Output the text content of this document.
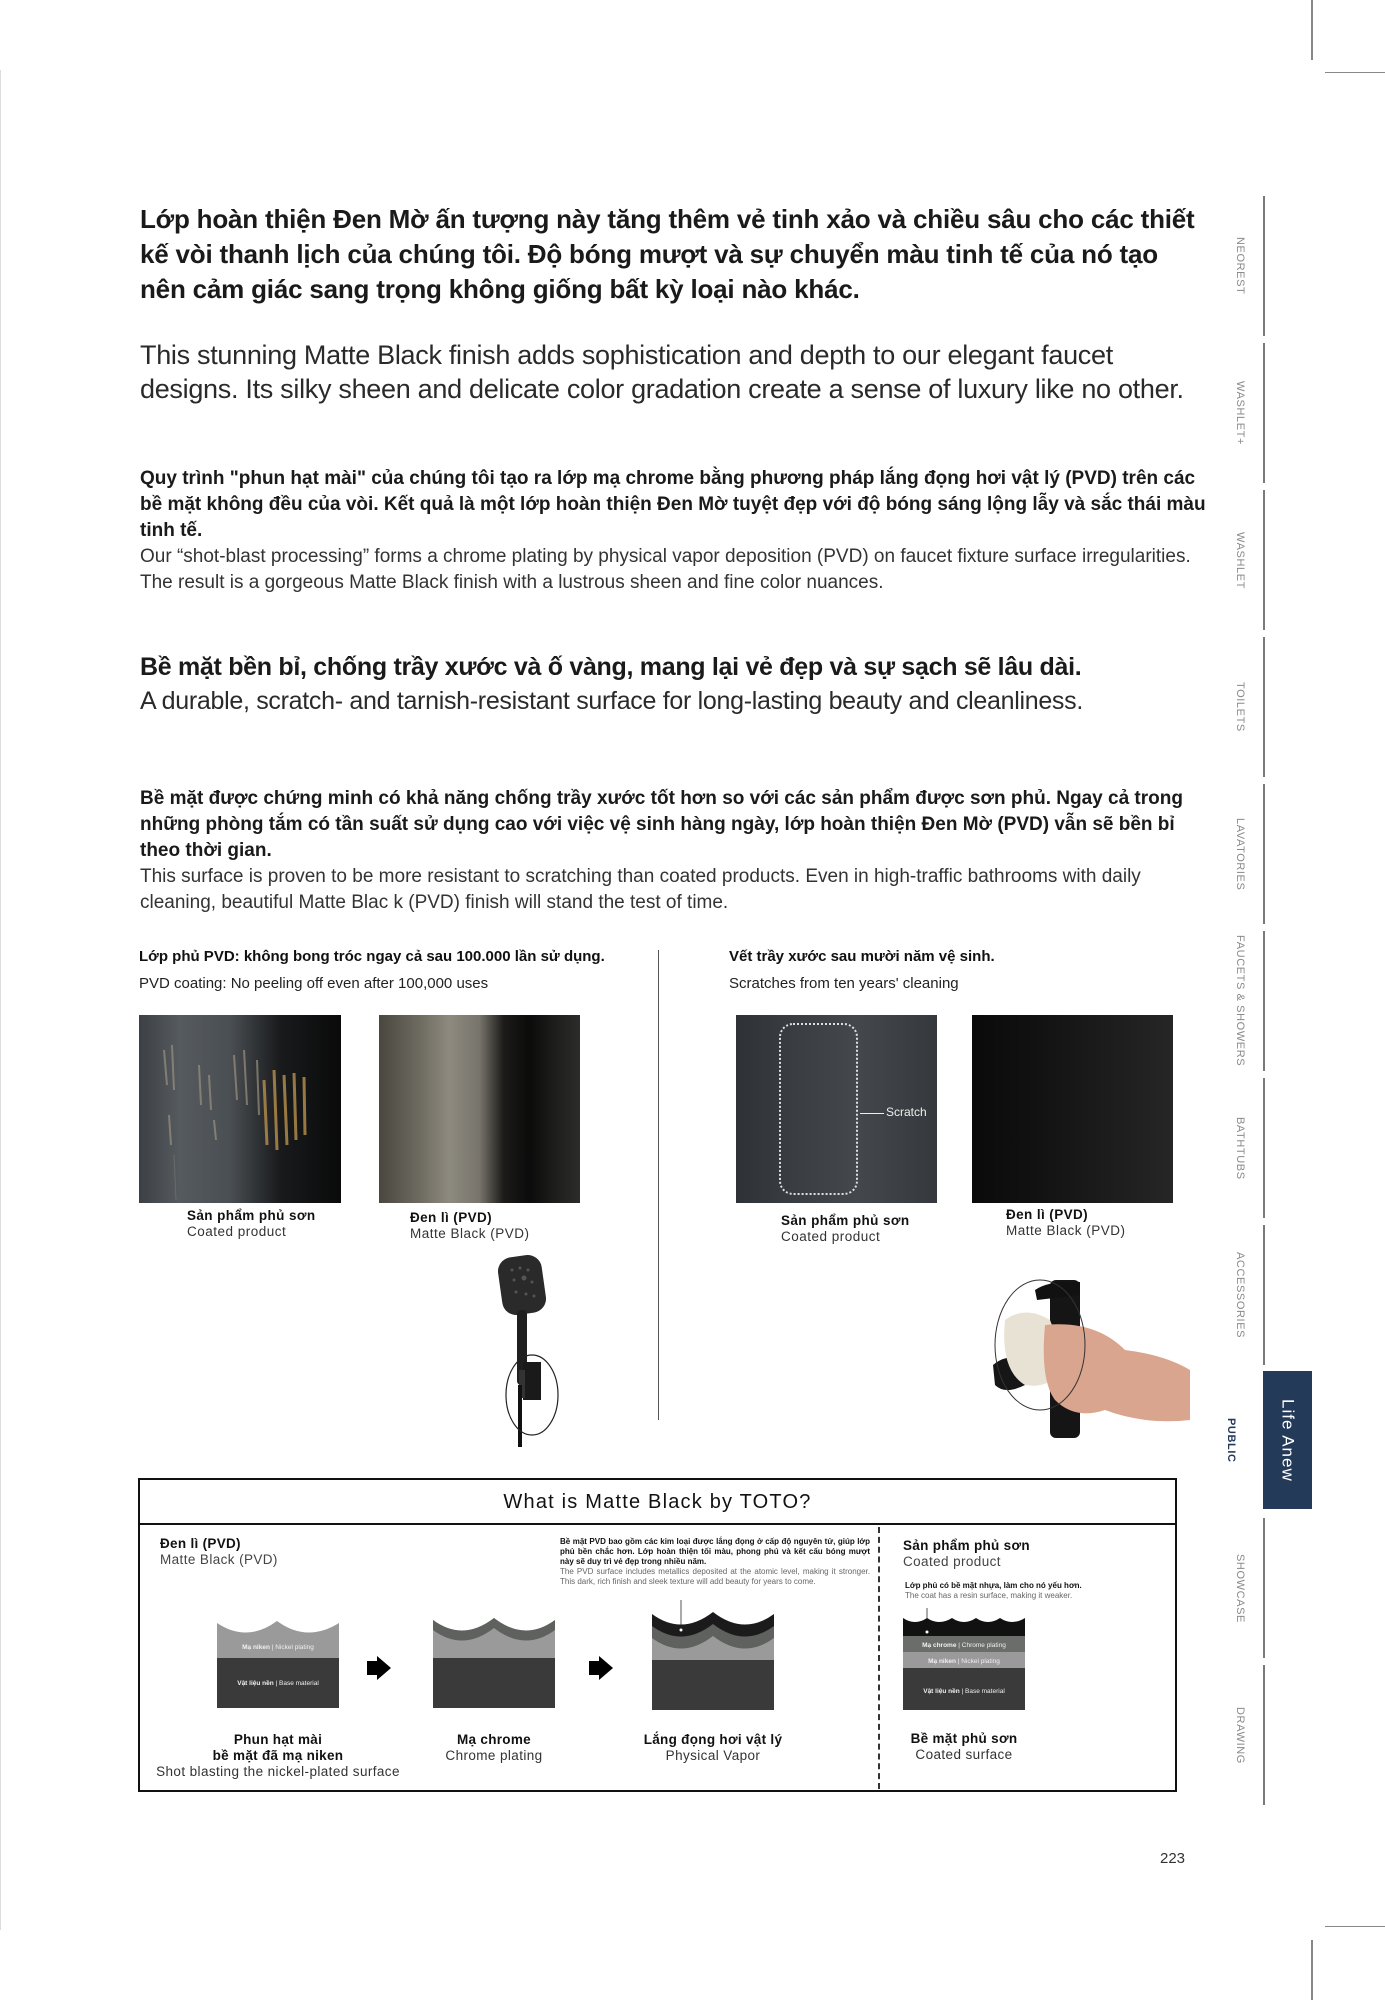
Lớp hoàn thiện Đen Mờ ấn tượng này tăng thêm vẻ tinh xảo và chiều sâu cho các thiết kế vòi thanh lịch của chúng tôi. Độ bóng mượt và sự chuyển màu tinh tế của nó tạo nên cảm giác sang trọng không giống bất kỳ loại nào khác.
This stunning Matte Black finish adds sophistication and depth to our elegant faucet designs. Its silky sheen and delicate color gradation create a sense of luxury like no other.
Quy trình "phun hạt mài" của chúng tôi tạo ra lớp mạ chrome bằng phương pháp lắng đọng hơi vật lý (PVD) trên các bề mặt không đều của vòi. Kết quả là một lớp hoàn thiện Đen Mờ tuyệt đẹp với độ bóng sáng lộng lẫy và sắc thái màu tinh tế.
Our “shot-blast processing” forms a chrome plating by physical vapor deposition (PVD) on faucet fixture surface irregularities. The result is a gorgeous Matte Black finish with a lustrous sheen and fine color nuances.
Bề mặt bền bỉ, chống trầy xước và ố vàng, mang lại vẻ đẹp và sự sạch sẽ lâu dài.
A durable, scratch- and tarnish-resistant surface for long-lasting beauty and cleanliness.
Bề mặt được chứng minh có khả năng chống trầy xước tốt hơn so với các sản phẩm được sơn phủ. Ngay cả trong những phòng tắm có tần suất sử dụng cao với việc vệ sinh hàng ngày, lớp hoàn thiện Đen Mờ (PVD) vẫn sẽ bền bỉ theo thời gian.
This surface is proven to be more resistant to scratching than coated products. Even in high-traffic bathrooms with daily cleaning, beautiful Matte Blac k (PVD) finish will stand the test of time.
Lớp phủ PVD: không bong tróc ngay cả sau 100.000 lần sử dụng.
PVD coating: No peeling off even after 100,000 uses
Sản phẩm phủ sơn
Coated product
Đen lì (PVD)
Matte Black (PVD)
Vết trầy xước sau mười năm vệ sinh.
Scratches from ten years' cleaning
Scratch
Sản phẩm phủ sơn
Coated product
Đen lì (PVD)
Matte Black (PVD)
What is Matte Black by TOTO?
Đen lì (PVD)
Matte Black (PVD)
Bề mặt PVD bao gồm các kim loại được lắng đọng ở cấp độ nguyên tử, giúp lớp phủ bền chắc hơn. Lớp hoàn thiện tối màu, phong phú và kết cấu bóng mượt này sẽ duy trì vẻ đẹp trong nhiều năm.
The PVD surface includes metallics deposited at the atomic level, making it stronger. This dark, rich finish and sleek texture will add beauty for years to come.
Sản phẩm phủ sơn
Coated product
Lớp phủ có bề mặt nhựa, làm cho nó yếu hơn.
The coat has a resin surface, making it weaker.
Mạ niken | Nickel plating
Vật liệu nền | Base material
Mạ chrome | Chrome plating
Mạ niken | Nickel plating
Vật liệu nền | Base material
Phun hạt mài
bề mặt đã mạ niken
Shot blasting the nickel-plated surface
Mạ chrome
Chrome plating
Lắng đọng hơi vật lý
Physical Vapor
Bề mặt phủ sơn
Coated surface
NEOREST
WASHLET+
WASHLET
TOILETS
LAVATORIES
FAUCETS & SHOWERS
BATHTUBS
ACCESSORIES
Life Anew
PUBLIC
SHOWCASE
DRAWING
223
